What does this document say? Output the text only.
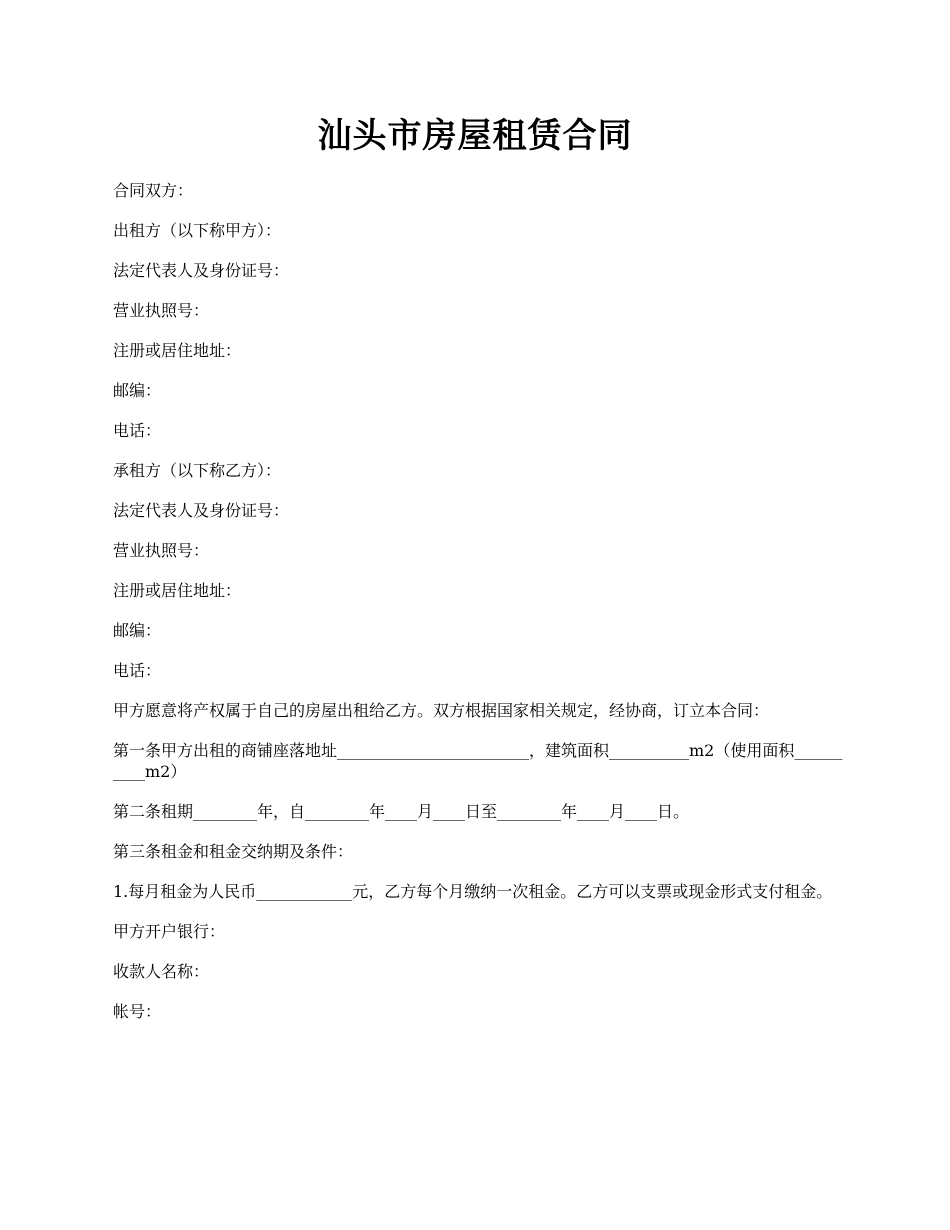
汕头市房屋租赁合同

合同双方：

出租方（以下称甲方）：

法定代表人及身份证号：

营业执照号：

注册或居住地址：

邮编：

电话：

承租方（以下称乙方）：

法定代表人及身份证号：

营业执照号：

注册或居住地址：

邮编：

电话：

甲方愿意将产权属于自己的房屋出租给乙方。双方根据国家相关规定，经协商，订立本合同：

第一条甲方出租的商铺座落地址________________________，建筑面积__________m2（使用面积__________m2）

第二条租期________年，自________年____月____日至________年____月____日。

第三条租金和租金交纳期及条件：

1.每月租金为人民币____________元，乙方每个月缴纳一次租金。乙方可以支票或现金形式支付租金。

甲方开户银行：

收款人名称：

帐号：
